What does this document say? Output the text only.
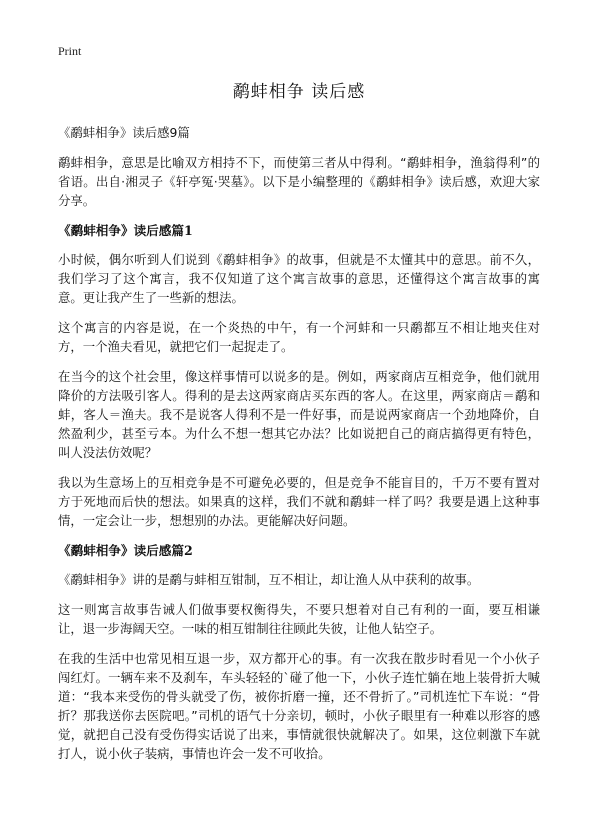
Print
鹬蚌相争 读后感
《鹬蚌相争》读后感9篇

鹬蚌相争，意思是比喻双方相持不下，而使第三者从中得利。“鹬蚌相争，渔翁得利”的省语。出自·湘灵子《轩亭冤·哭墓》。以下是小编整理的《鹬蚌相争》读后感，欢迎大家分享。

《鹬蚌相争》读后感篇1

小时候，偶尔听到人们说到《鹬蚌相争》的故事，但就是不太懂其中的意思。前不久，我们学习了这个寓言，我不仅知道了这个寓言故事的意思，还懂得这个寓言故事的寓意。更让我产生了一些新的想法。

这个寓言的内容是说，在一个炎热的中午，有一个河蚌和一只鹬都互不相让地夹住对方，一个渔夫看见，就把它们一起捉走了。

在当今的这个社会里，像这样事情可以说多的是。例如，两家商店互相竞争，他们就用降价的方法吸引客人。得利的是去这两家商店买东西的客人。在这里，两家商店＝鹬和蚌，客人＝渔夫。我不是说客人得利不是一件好事，而是说两家商店一个劲地降价，自然盈利少，甚至亏本。为什么不想一想其它办法？比如说把自己的商店搞得更有特色，叫人没法仿效呢？

我以为生意场上的互相竞争是不可避免必要的，但是竞争不能盲目的，千万不要有置对方于死地而后快的想法。如果真的这样，我们不就和鹬蚌一样了吗？我要是遇上这种事情，一定会让一步，想想别的办法。更能解决好问题。

《鹬蚌相争》读后感篇2

《鹬蚌相争》讲的是鹬与蚌相互钳制，互不相让，却让渔人从中获利的故事。

这一则寓言故事告诫人们做事要权衡得失，不要只想着对自己有利的一面，要互相谦让，退一步海阔天空。一味的相互钳制往往顾此失彼，让他人钻空子。

在我的生活中也常见相互退一步，双方都开心的事。有一次我在散步时看见一个小伙子闯红灯。一辆车来不及刹车，车头轻轻的`碰了他一下，小伙子连忙躺在地上装骨折大喊道：“我本来受伤的骨头就受了伤，被你折磨一撞，还不骨折了。”司机连忙下车说：“骨折？那我送你去医院吧。”司机的语气十分亲切，顿时，小伙子眼里有一种难以形容的感觉，就把自己没有受伤得实话说了出来，事情就很快就解决了。如果，这位刺激下车就打人，说小伙子装病，事情也许会一发不可收拾。
